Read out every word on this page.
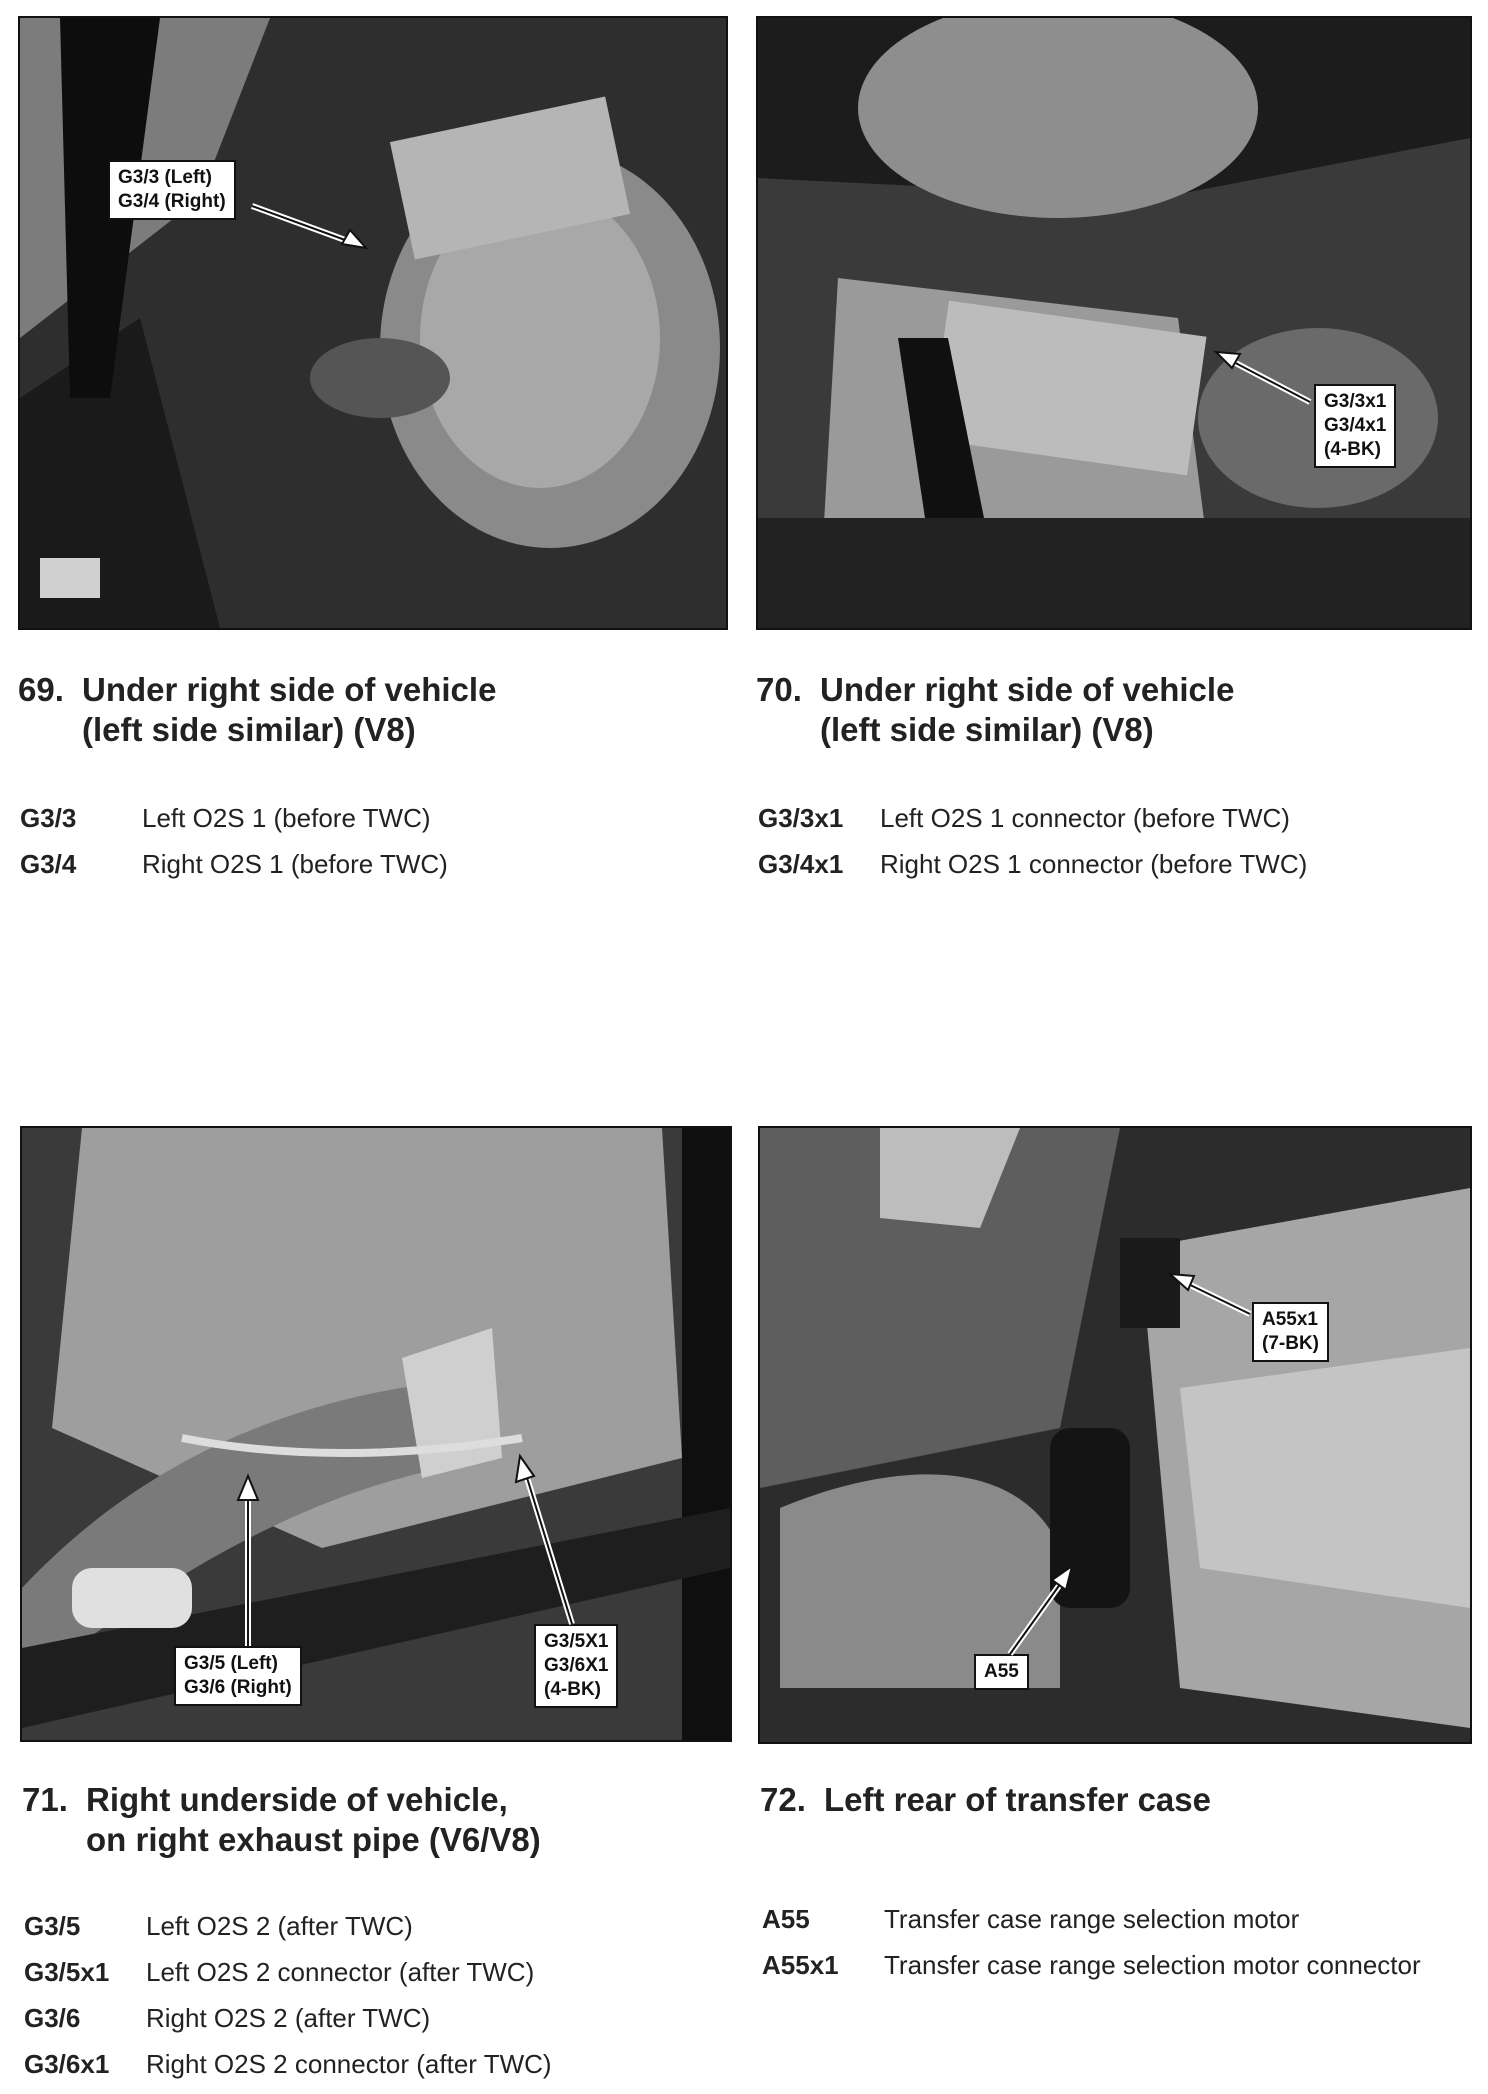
G3/3 (Left)
G3/4 (Right)
69. Under right side of vehicle
(left side similar) (V8)
G3/3	Left O2S 1 (before TWC)
G3/4	Right O2S 1 (before TWC)
G3/3x1
G3/4x1
(4-BK)
70. Under right side of vehicle
(left side similar) (V8)
G3/3x1	Left O2S 1 connector (before TWC)
G3/4x1	Right O2S 1 connector (before TWC)
G3/5 (Left)
G3/6 (Right)
G3/5X1
G3/6X1
(4-BK)
71. Right underside of vehicle,
on right exhaust pipe (V6/V8)
G3/5	Left O2S 2 (after TWC)
G3/5x1	Left O2S 2 connector (after TWC)
G3/6	Right O2S 2 (after TWC)
G3/6x1	Right O2S 2 connector (after TWC)
A55x1
(7-BK)
A55
72. Left rear of transfer case
A55	Transfer case range selection motor
A55x1	Transfer case range selection motor connector
